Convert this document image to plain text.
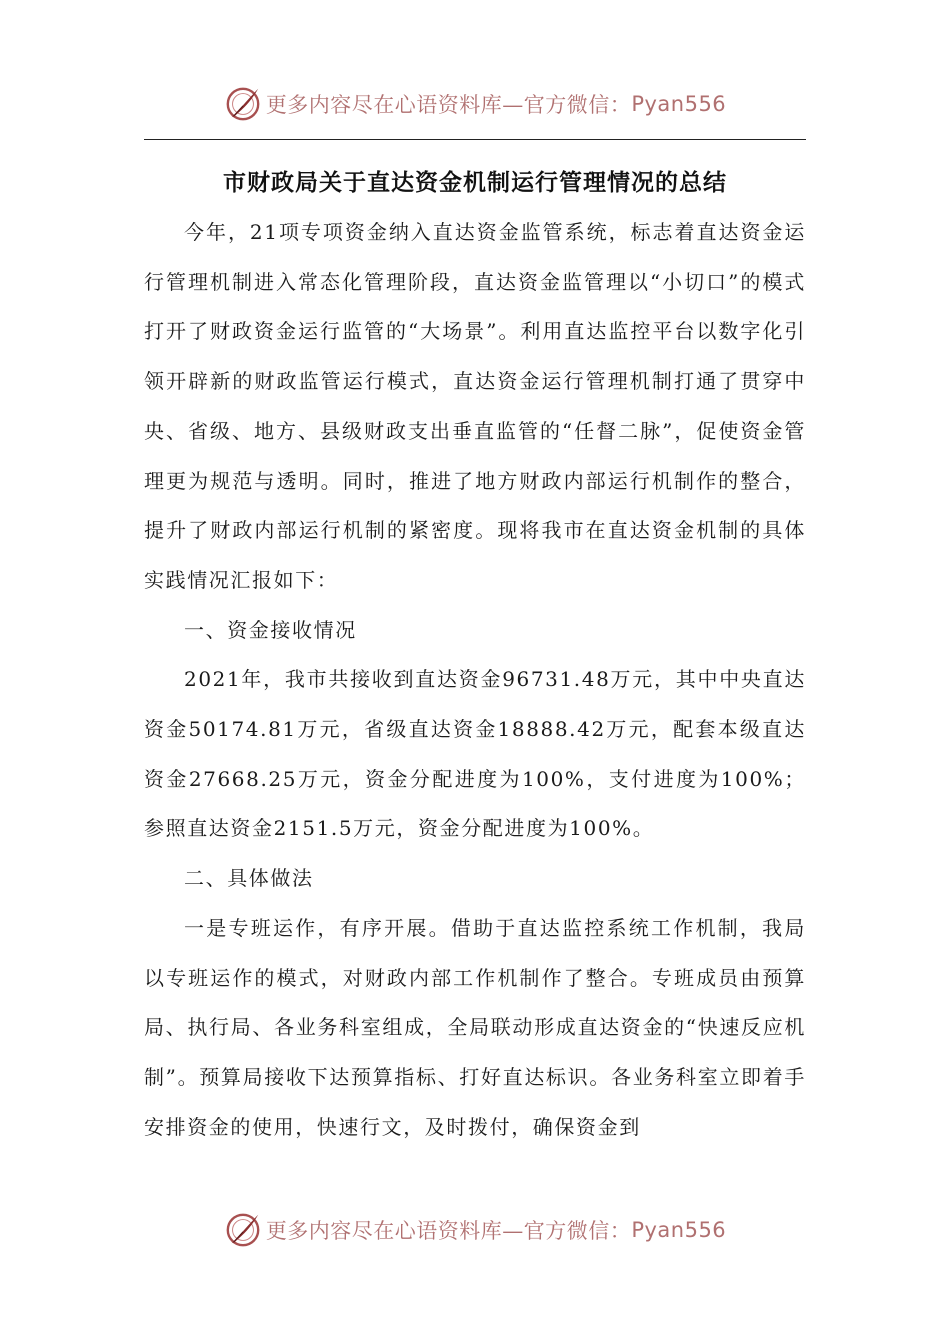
更多内容尽在心语资料库—官方微信： Pyan556
市财政局关于直达资金机制运行管理情况的总结

今年，21项专项资金纳入直达资金监管系统，标志着直达资金运行管理机制进入常态化管理阶段，直达资金监管理以“小切口”的模式打开了财政资金运行监管的“大场景”。利用直达监控平台以数字化引领开辟新的财政监管运行模式，直达资金运行管理机制打通了贯穿中央、省级、地方、县级财政支出垂直监管的“任督二脉”，促使资金管理更为规范与透明。同时，推进了地方财政内部运行机制作的整合，提升了财政内部运行机制的紧密度。现将我市在直达资金机制的具体实践情况汇报如下：

一、资金接收情况

2021年，我市共接收到直达资金96731.48万元，其中中央直达资金50174.81万元，省级直达资金18888.42万元，配套本级直达资金27668.25万元，资金分配进度为100%，支付进度为100%；参照直达资金2151.5万元，资金分配进度为100%。

二、具体做法

一是专班运作，有序开展。借助于直达监控系统工作机制，我局以专班运作的模式，对财政内部工作机制作了整合。专班成员由预算局、执行局、各业务科室组成，全局联动形成直达资金的“快速反应机制”。预算局接收下达预算指标、打好直达标识。各业务科室立即着手安排资金的使用，快速行文，及时拨付，确保资金到

更多内容尽在心语资料库—官方微信： Pyan556
